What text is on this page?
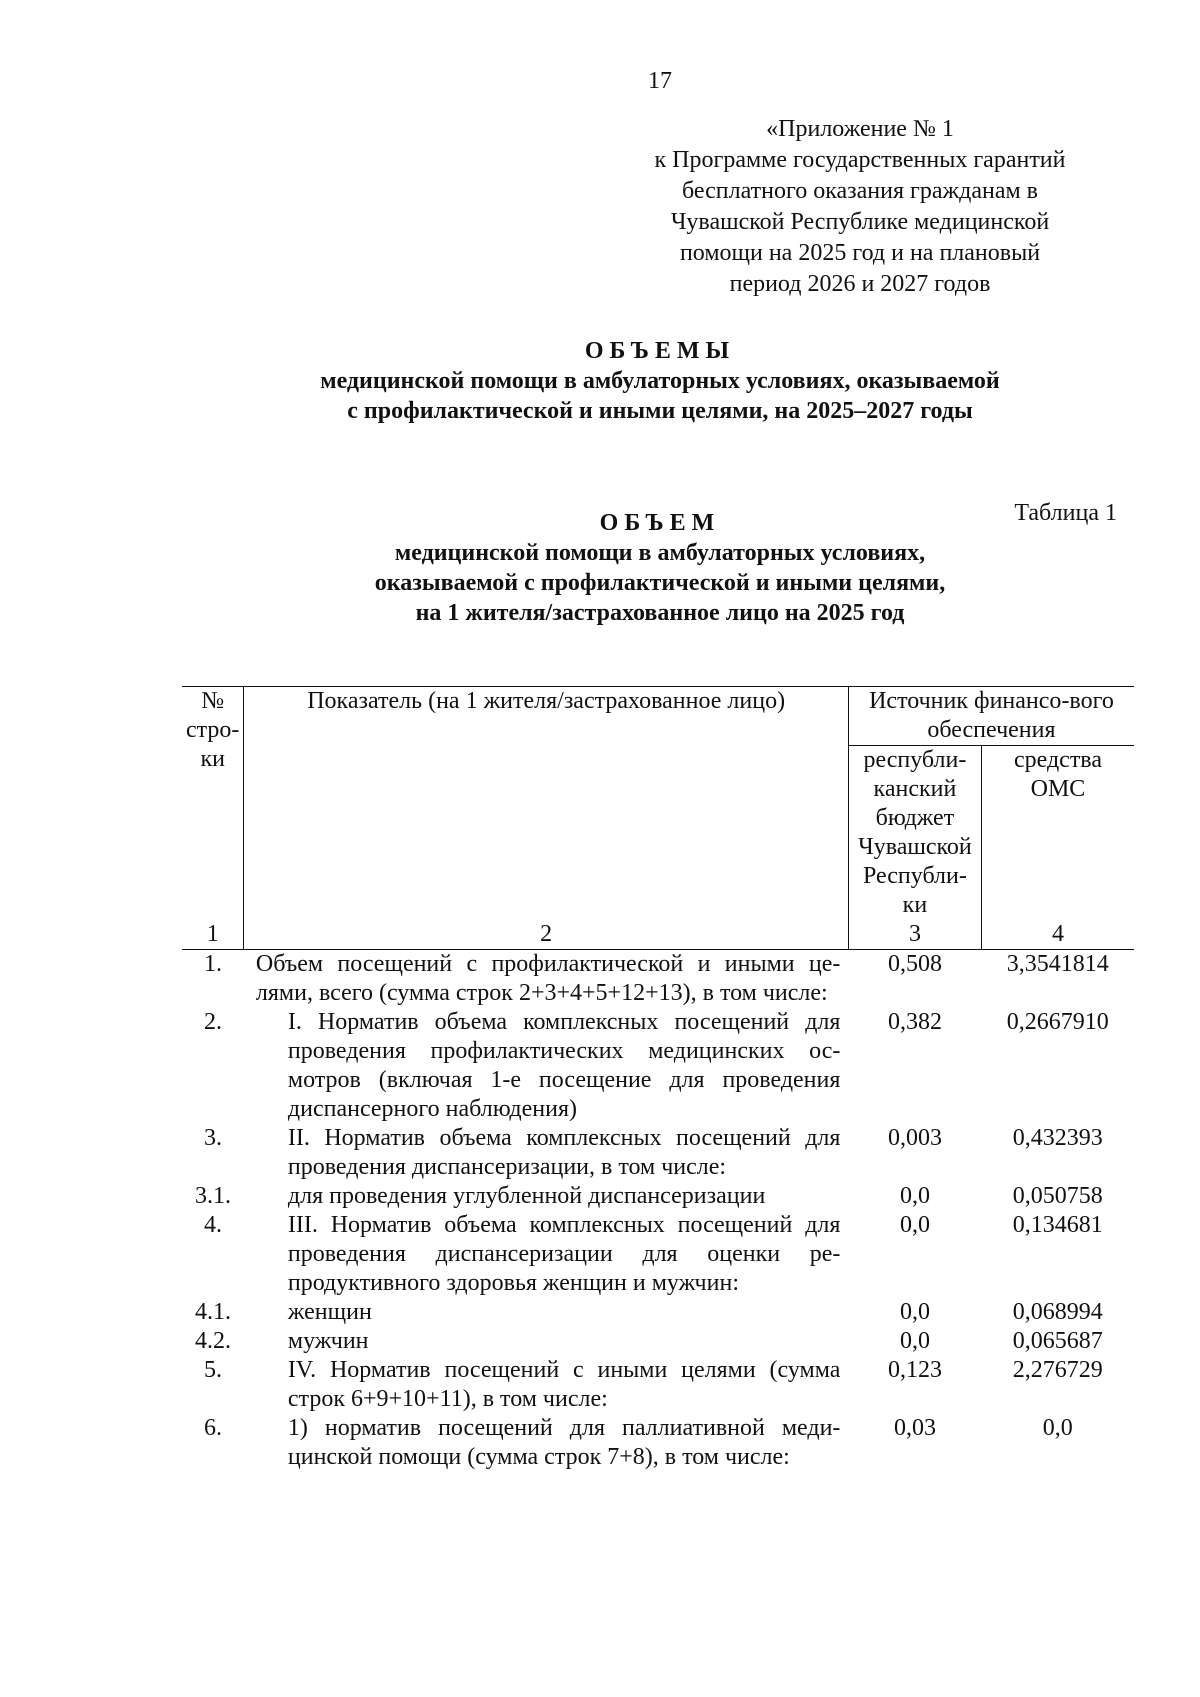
17
«Приложение № 1
к Программе государственных гарантий
бесплатного оказания гражданам в
Чувашской Республике медицинской
помощи на 2025 год и на плановый
период 2026 и 2027 годов
ОБЪЕМЫ
медицинской помощи в амбулаторных условиях, оказываемой
с профилактической и иными целями, на 2025–2027 годы
Таблица 1
ОБЪЕМ
медицинской помощи в амбулаторных условиях,
оказываемой с профилактической и иными целями,
на 1 жителя/застрахованное лицо на 2025 год
№ стро-ки	Показатель (на 1 жителя/застрахованное лицо)	Источник финансо-вого обеспечения	
		республи-канский бюджет Чувашской Республи-ки	средства ОМС
1	2	3	4
1.	Объем посещений с профилактической и иными це-лями, всего (сумма строк 2+3+4+5+12+13), в том числе:	0,508	3,3541814
2.	I. Норматив объема комплексных посещений для проведения профилактических медицинских ос-мотров (включая 1-е посещение для проведения диспансерного наблюдения)	0,382	0,2667910
3.	II. Норматив объема комплексных посещений для проведения диспансеризации, в том числе:	0,003	0,432393
3.1.	для проведения углубленной диспансеризации	0,0	0,050758
4.	III. Норматив объема комплексных посещений для проведения диспансеризации для оценки ре-продуктивного здоровья женщин и мужчин:	0,0	0,134681
4.1.	женщин	0,0	0,068994
4.2.	мужчин	0,0	0,065687
5.	IV. Норматив посещений с иными целями (сумма строк 6+9+10+11), в том числе:	0,123	2,276729
6.	1) норматив посещений для паллиативной меди-цинской помощи (сумма строк 7+8), в том числе:	0,03	0,0
